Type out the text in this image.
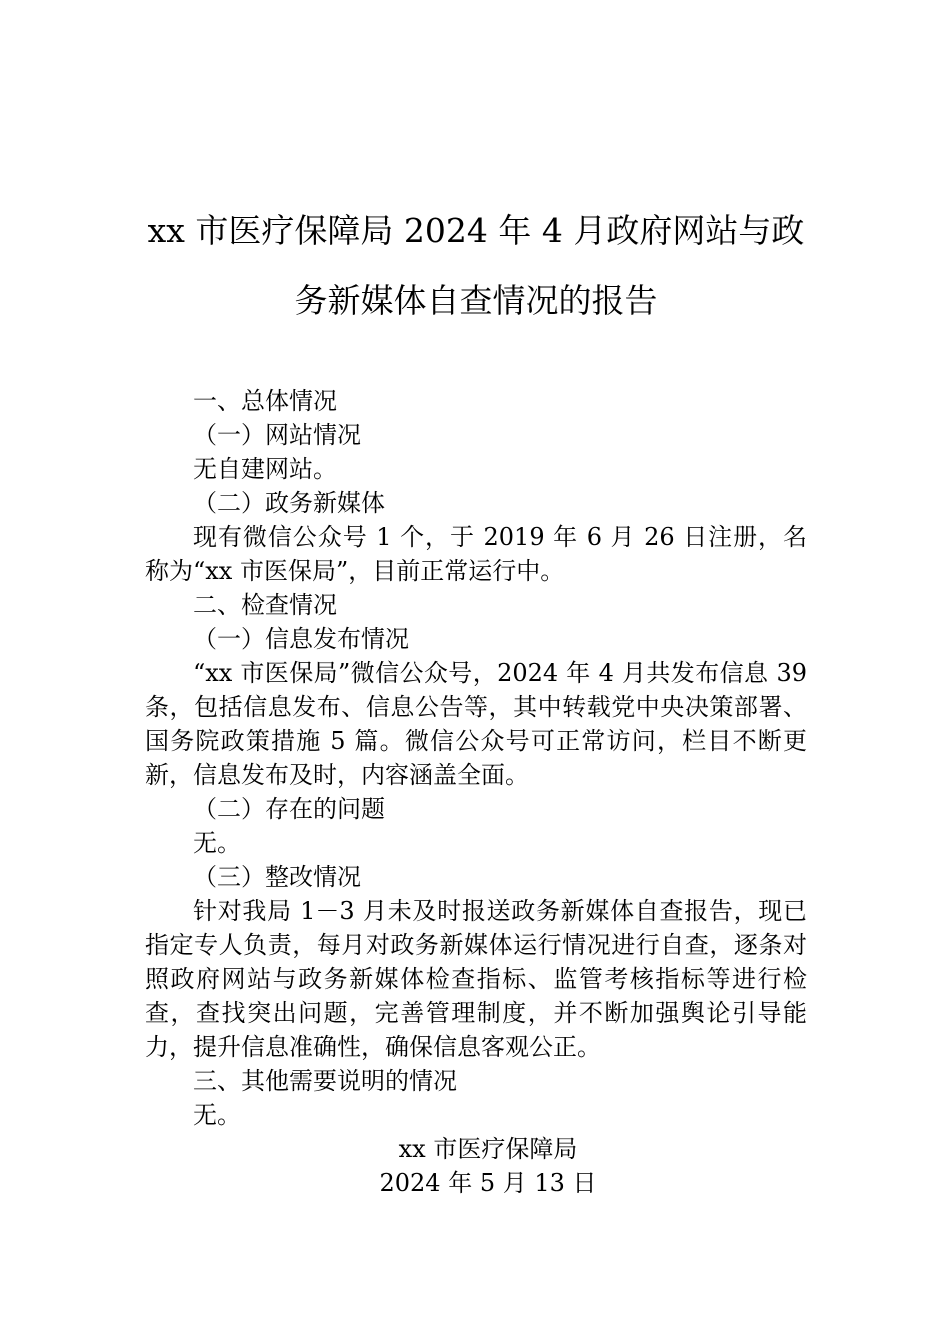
xx 市医疗保障局 2024 年 4 月政府网站与政
务新媒体自查情况的报告

一、总体情况

（一）网站情况

无自建网站。

（二）政务新媒体

现有微信公众号 1 个，于 2019 年 6 月 26 日注册，名称为“xx 市医保局”，目前正常运行中。

二、检查情况

（一）信息发布情况

“xx 市医保局”微信公众号，2024 年 4 月共发布信息 39 条，包括信息发布、信息公告等，其中转载党中央决策部署、国务院政策措施 5 篇。微信公众号可正常访问，栏目不断更新，信息发布及时，内容涵盖全面。

（二）存在的问题

无。

（三）整改情况

针对我局 1－3 月未及时报送政务新媒体自查报告，现已指定专人负责，每月对政务新媒体运行情况进行自查，逐条对照政府网站与政务新媒体检查指标、监管考核指标等进行检查，查找突出问题，完善管理制度，并不断加强舆论引导能力，提升信息准确性，确保信息客观公正。

三、其他需要说明的情况

无。

xx 市医疗保障局

2024 年 5 月 13 日
